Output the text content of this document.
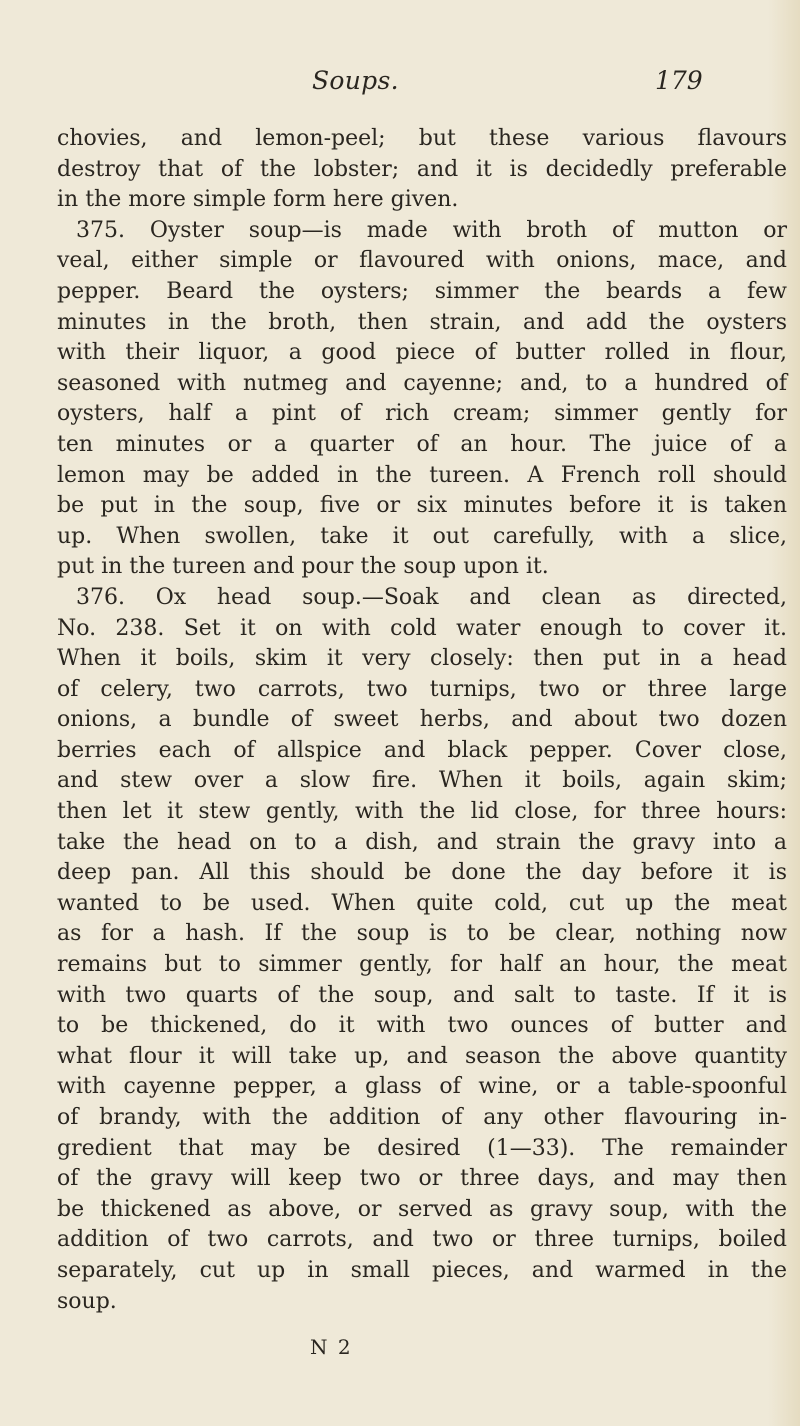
Soups.	179
chovies, and lemon-peel; but these various flavours
destroy that of the lobster; and it is decidedly preferable
in the more simple form here given.
375. Oyster soup—is made with broth of mutton or
veal, either simple or flavoured with onions, mace, and
pepper. Beard the oysters; simmer the beards a few
minutes in the broth, then strain, and add the oysters
with their liquor, a good piece of butter rolled in flour,
seasoned with nutmeg and cayenne; and, to a hundred of
oysters, half a pint of rich cream; simmer gently for
ten minutes or a quarter of an hour. The juice of a
lemon may be added in the tureen. A French roll should
be put in the soup, five or six minutes before it is taken
up. When swollen, take it out carefully, with a slice,
put in the tureen and pour the soup upon it.
376. Ox head soup.—Soak and clean as directed,
No. 238. Set it on with cold water enough to cover it.
When it boils, skim it very closely: then put in a head
of celery, two carrots, two turnips, two or three large
onions, a bundle of sweet herbs, and about two dozen
berries each of allspice and black pepper. Cover close,
and stew over a slow fire. When it boils, again skim;
then let it stew gently, with the lid close, for three hours:
take the head on to a dish, and strain the gravy into a
deep pan. All this should be done the day before it is
wanted to be used. When quite cold, cut up the meat
as for a hash. If the soup is to be clear, nothing now
remains but to simmer gently, for half an hour, the meat
with two quarts of the soup, and salt to taste. If it is
to be thickened, do it with two ounces of butter and
what flour it will take up, and season the above quantity
with cayenne pepper, a glass of wine, or a table-spoonful
of brandy, with the addition of any other flavouring in-
gredient that may be desired (1—33). The remainder
of the gravy will keep two or three days, and may then
be thickened as above, or served as gravy soup, with the
addition of two carrots, and two or three turnips, boiled
separately, cut up in small pieces, and warmed in the
soup.
N 2
